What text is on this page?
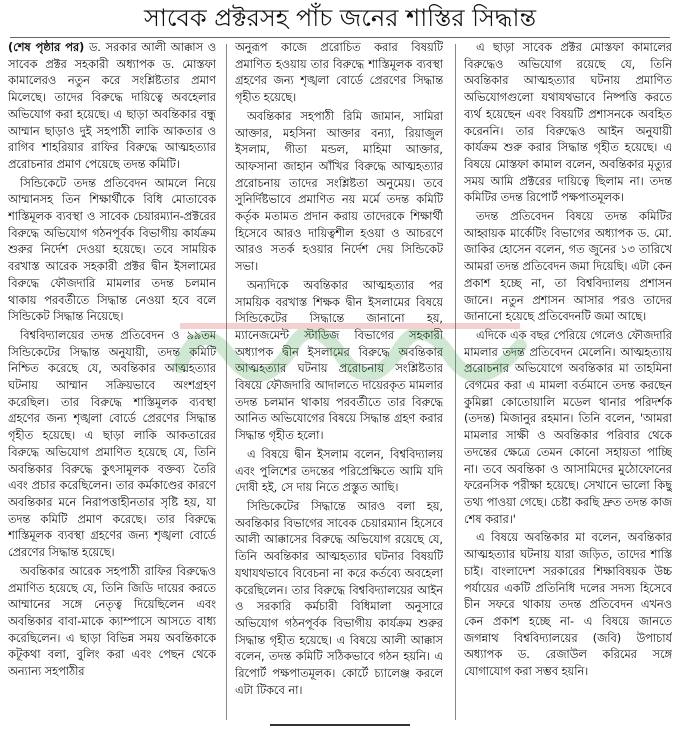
সাবেক প্রক্টরসহ পাঁচ জনের শাস্তির সিদ্ধান্ত

(শেষ পৃষ্ঠার পর) ড. সরকার আলী আক্কাস ও সাবেক প্রক্টর সহকারী অধ্যাপক ড. মোস্তফা কামালেরও নতুন করে সংশ্লিষ্টতার প্রমাণ মিলেছে। তাদের বিরুদ্ধে দায়িত্বে অবহেলার অভিযোগ করা হয়েছে। এ ছাড়া অবন্তিকার বন্ধু আম্মান ছাড়াও দুই সহপাঠী লাকি আকতার ও রাগিব শাহরিয়ার রাফির বিরুদ্ধে আত্মহত্যার প্ররোচনার প্রমাণ পেয়েছে তদন্ত কমিটি।

সিন্ডিকেটে তদন্ত প্রতিবেদন আমলে নিয়ে আম্মানসহ তিন শিক্ষার্থীকে বিধি মোতাবেক শাস্তিমূলক ব্যবস্থা ও সাবেক চেয়ারম্যান-প্রক্টরের বিরুদ্ধে অভিযোগ গঠনপূর্বক বিভাগীয় কার্যক্রম শুরুর নির্দেশ দেওয়া হয়েছে। তবে সাময়িক বরখাস্ত আরেক সহকারী প্রক্টর দ্বীন ইসলামের বিরুদ্ধে ফৌজদারি মামলার তদন্ত চলমান থাকায় পরবর্তীতে সিদ্ধান্ত নেওয়া হবে বলে সিন্ডিকেট সিদ্ধান্ত নিয়েছে।

বিশ্ববিদ্যালয়ের তদন্ত প্রতিবেদন ও ৯৯তম সিন্ডিকেটের সিদ্ধান্ত অনুযায়ী, তদন্ত কমিটি নিশ্চিত করেছে যে, অবন্তিকার আত্মহত্যার ঘটনায় আম্মান সক্রিয়ভাবে অংশগ্রহণ করেছিল। তার বিরুদ্ধে শাস্তিমূলক ব্যবস্থা গ্রহণের জন্য শৃঙ্খলা বোর্ডে প্রেরণের সিদ্ধান্ত গৃহীত হয়েছে। এ ছাড়া লাকি আকতারের বিরুদ্ধে অভিযোগ প্রমাণিত হয়েছে যে, তিনি অবন্তিকার বিরুদ্ধে কুৎসামূলক বক্তব্য তৈরি এবং প্রচার করেছিলেন। তার কর্মকাণ্ডের কারণে অবন্তিকার মনে নিরাপত্তাহীনতার সৃষ্টি হয়, যা তদন্ত কমিটি প্রমাণ করেছে। তার বিরুদ্ধে শাস্তিমূলক ব্যবস্থা গ্রহণের জন্য শৃঙ্খলা বোর্ডে প্রেরণের সিদ্ধান্ত হয়েছে।

অবন্তিকার আরেক সহপাঠী রাফির বিরুদ্ধেও প্রমাণিত হয়েছে যে, তিনি জিডি দায়ের করতে আম্মানের সঙ্গে নেতৃত্ব দিয়েছিলেন এবং অবন্তিকার বাবা-মাকে ক্যাম্পাসে আসতে বাধ্য করেছিলেন। এ ছাড়া বিভিন্ন সময় অবন্তিকাকে কটূকথা বলা, বুলিং করা এবং পেছন থেকে অন্যান্য সহপাঠীর

অনুরূপ কাজে প্ররোচিত করার বিষয়টি প্রমাণিত হওয়ায় তার বিরুদ্ধে শাস্তিমূলক ব্যবস্থা গ্রহণের জন্য শৃঙ্খলা বোর্ডে প্রেরণের সিদ্ধান্ত গৃহীত হয়েছে।

অবন্তিকার সহপাঠী রিমি জামান, সামিরা আক্তার, মহসিনা আক্তার বন্যা, রিয়াজুল ইসলাম, গীতা মন্ডল, মাহিমা আক্তার, আফসানা জাহান আঁখির বিরুদ্ধে আত্মহত্যার প্ররোচনায় তাদের সংশ্লিষ্টতা অনুমেয়। তবে সুনির্দিষ্টভাবে প্রমাণিত নয় মর্মে তদন্ত কমিটি কর্তৃক মতামত প্রদান করায় তাদেরকে শিক্ষার্থী হিসেবে আরও দায়িত্বশীল হওয়া ও আচরণে আরও সতর্ক হওয়ার নির্দেশ দেয় সিন্ডিকেট সভা।

অন্যদিকে অবন্তিকার আত্মহত্যার পর সাময়িক বরখাস্ত শিক্ষক দ্বীন ইসলামের বিষয়ে সিন্ডিকেটের সিদ্ধান্তে জানানো হয়, ম্যানেজমেন্ট স্টাডিজ বিভাগের সহকারী অধ্যাপক দ্বীন ইসলামের বিরুদ্ধে অবন্তিকার আত্মহত্যার ঘটনায় প্ররোচনায় সংশ্লিষ্টতার বিষয়ে ফৌজদারি আদালতে দায়েরকৃত মামলার তদন্ত চলমান থাকায় পরবর্তীতে তার বিরুদ্ধে আনিত অভিযোগের বিষয়ে সিদ্ধান্ত গ্রহণ করার সিদ্ধান্ত গৃহীত হলো।

এ বিষয়ে দ্বীন ইসলাম বলেন, বিশ্ববিদ্যালয় এবং পুলিশের তদন্তের পরিপ্রেক্ষিতে আমি যদি দোষী হই, সে দায় নিতে প্রস্তুত আছি।

সিন্ডিকেটের সিদ্ধান্তে আরও বলা হয়, অবন্তিকার বিভাগের সাবেক চেয়ারম্যান হিসেবে আলী আক্কাসের বিরুদ্ধে অভিযোগ রয়েছে যে, তিনি অবন্তিকার আত্মহত্যার ঘটনার বিষয়টি যথাযথভাবে বিবেচনা না করে কর্তব্যে অবহেলা করেছিলেন। তার বিরুদ্ধে বিশ্ববিদ্যালয়ের আইন ও সরকারি কর্মচারী বিধিমালা অনুসারে অভিযোগ গঠনপূর্বক বিভাগীয় কার্যক্রম শুরুর সিদ্ধান্ত গৃহীত হয়েছে। এ বিষয়ে আলী আক্কাস বলেন, তদন্ত কমিটি সঠিকভাবে গঠন হয়নি। এ রিপোর্ট পক্ষপাতমূলক। কোর্টে চ্যালেঞ্জ করলে এটা টিকবে না।

এ ছাড়া সাবেক প্রক্টর মোস্তফা কামালের বিরুদ্ধেও অভিযোগ রয়েছে যে, তিনি অবন্তিকার আত্মহত্যার ঘটনায় প্রমাণিত অভিযোগগুলো যথাযথভাবে নিষ্পত্তি করতে ব্যর্থ হয়েছেন এবং বিষয়টি প্রশাসনকে অবহিত করেননি। তার বিরুদ্ধেও আইন অনুযায়ী কার্যক্রম শুরু করার সিদ্ধান্ত গৃহীত হয়েছে। এ বিষয়ে মোস্তফা কামাল বলেন, অবন্তিকার মৃত্যুর সময় আমি প্রক্টরের দায়িত্বে ছিলাম না। তদন্ত কমিটির তদন্ত রিপোর্ট পক্ষপাতমূলক।

তদন্ত প্রতিবেদন বিষয়ে তদন্ত কমিটির আহ্বায়ক মার্কেটিং বিভাগের অধ্যাপক ড. মো. জাকির হোসেন বলেন, গত জুনের ১৩ তারিখে আমরা তদন্ত প্রতিবেদন জমা দিয়েছি। এটা কেন প্রকাশ হচ্ছে না, তা বিশ্ববিদ্যালয় প্রশাসন জানে। নতুন প্রশাসন আসার পরও তাদের জানানো হয়েছে প্রতিবেদনটি জমা আছে।

এদিকে এক বছর পেরিয়ে গেলেও ফৌজদারি মামলার তদন্ত প্রতিবেদন মেলেনি। আত্মহত্যায় প্ররোচনার অভিযোগে অবন্তিকার মা তাহমিনা বেগমের করা এ মামলা বর্তমানে তদন্ত করছেন কুমিল্লা কোতোয়ালি মডেল থানার পরিদর্শক (তদন্ত) মিজানুর রহমান। তিনি বলেন, 'আমরা মামলার সাক্ষী ও অবন্তিকার পরিবার থেকে তদন্তের ক্ষেত্রে তেমন কোনো সহায়তা পাচ্ছি না। তবে অবন্তিকা ও আসামিদের মুঠোফোনের ফরেনসিক পরীক্ষা হয়েছে। সেখানে ভালো কিছু তথ্য পাওয়া গেছে। চেষ্টা করছি দ্রুত তদন্ত কাজ শেষ করার।'

এ বিষয়ে অবন্তিকার মা বলেন, অবন্তিকার আত্মহত্যার ঘটনায় যারা জড়িত, তাদের শাস্তি চাই। বাংলাদেশ সরকারের শিক্ষাবিষয়ক উচ্চ পর্যায়ের একটি প্রতিনিধি দলের সদস্য হিসেবে চীন সফরে থাকায় তদন্ত প্রতিবেদন এখনও কেন প্রকাশ হচ্ছে না- এ বিষয়ে জানতে জগন্নাথ বিশ্ববিদ্যালয়ের (জবি) উপাচার্য অধ্যাপক ড. রেজাউল করিমের সঙ্গে যোগাযোগ করা সম্ভব হয়নি।
